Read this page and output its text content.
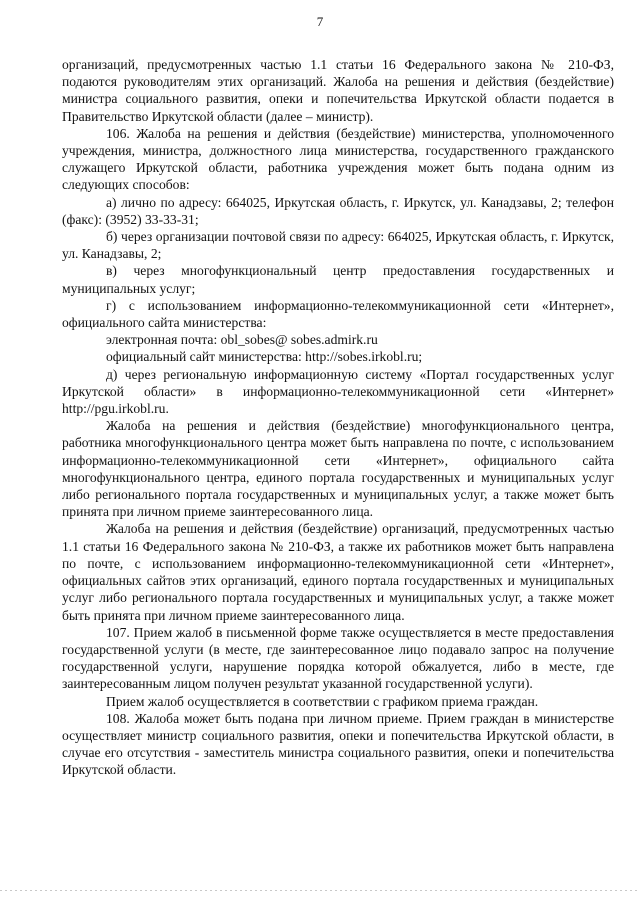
7

организаций, предусмотренных частью 1.1 статьи 16 Федерального закона № 210-ФЗ, подаются руководителям этих организаций. Жалоба на решения и действия (бездействие) министра социального развития, опеки и попечительства Иркутской области подается в Правительство Иркутской области (далее – министр).

106. Жалоба на решения и действия (бездействие) министерства, уполномоченного учреждения, министра, должностного лица министерства, государственного гражданского служащего Иркутской области, работника учреждения может быть подана одним из следующих способов:

а) лично по адресу: 664025, Иркутская область, г. Иркутск, ул. Канадзавы, 2; телефон (факс): (3952) 33-33-31;

б) через организации почтовой связи по адресу: 664025, Иркутская область, г. Иркутск, ул. Канадзавы, 2;

в) через многофункциональный центр предоставления государственных и муниципальных услуг;

г) с использованием информационно-телекоммуникационной сети «Интернет», официального сайта министерства:

электронная почта: obl_sobes@ sobes.admirk.ru

официальный сайт министерства: http://sobes.irkobl.ru;

д) через региональную информационную систему «Портал государственных услуг Иркутской области» в информационно-телекоммуникационной сети «Интернет» http://pgu.irkobl.ru.

Жалоба на решения и действия (бездействие) многофункционального центра, работника многофункционального центра может быть направлена по почте, с использованием информационно-телекоммуникационной сети «Интернет», официального сайта многофункционального центра, единого портала государственных и муниципальных услуг либо регионального портала государственных и муниципальных услуг, а также может быть принята при личном приеме заинтересованного лица.

Жалоба на решения и действия (бездействие) организаций, предусмотренных частью 1.1 статьи 16 Федерального закона № 210-ФЗ, а также их работников может быть направлена по почте, с использованием информационно-телекоммуникационной сети «Интернет», официальных сайтов этих организаций, единого портала государственных и муниципальных услуг либо регионального портала государственных и муниципальных услуг, а также может быть принята при личном приеме заинтересованного лица.

107. Прием жалоб в письменной форме также осуществляется в месте предоставления государственной услуги (в месте, где заинтересованное лицо подавало запрос на получение государственной услуги, нарушение порядка которой обжалуется, либо в месте, где заинтересованным лицом получен результат указанной государственной услуги).

Прием жалоб осуществляется в соответствии с графиком приема граждан.

108. Жалоба может быть подана при личном приеме. Прием граждан в министерстве осуществляет министр социального развития, опеки и попечительства Иркутской области, в случае его отсутствия - заместитель министра социального развития, опеки и попечительства Иркутской области.
